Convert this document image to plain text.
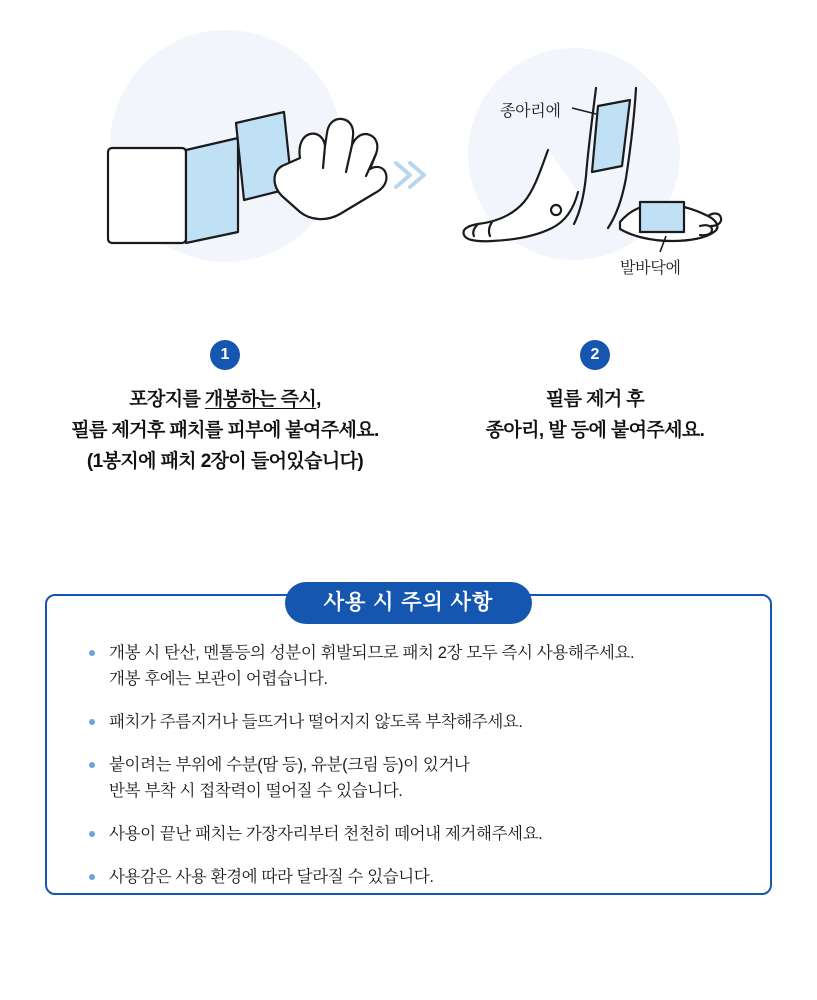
종아리에
발바닥에
1
포장지를 개봉하는 즉시,
필름 제거후 패치를 피부에 붙여주세요.
(1봉지에 패치 2장이 들어있습니다)
2
필름 제거 후
종아리, 발 등에 붙여주세요.
사용 시 주의 사항
개봉 시 탄산, 멘톨등의 성분이 휘발되므로 패치 2장 모두 즉시 사용해주세요.
개봉 후에는 보관이 어렵습니다.
패치가 주름지거나 들뜨거나 떨어지지 않도록 부착해주세요.
붙이려는 부위에 수분(땀 등), 유분(크림 등)이 있거나
반복 부착 시 접착력이 떨어질 수 있습니다.
사용이 끝난 패치는 가장자리부터 천천히 떼어내 제거해주세요.
사용감은 사용 환경에 따라 달라질 수 있습니다.
